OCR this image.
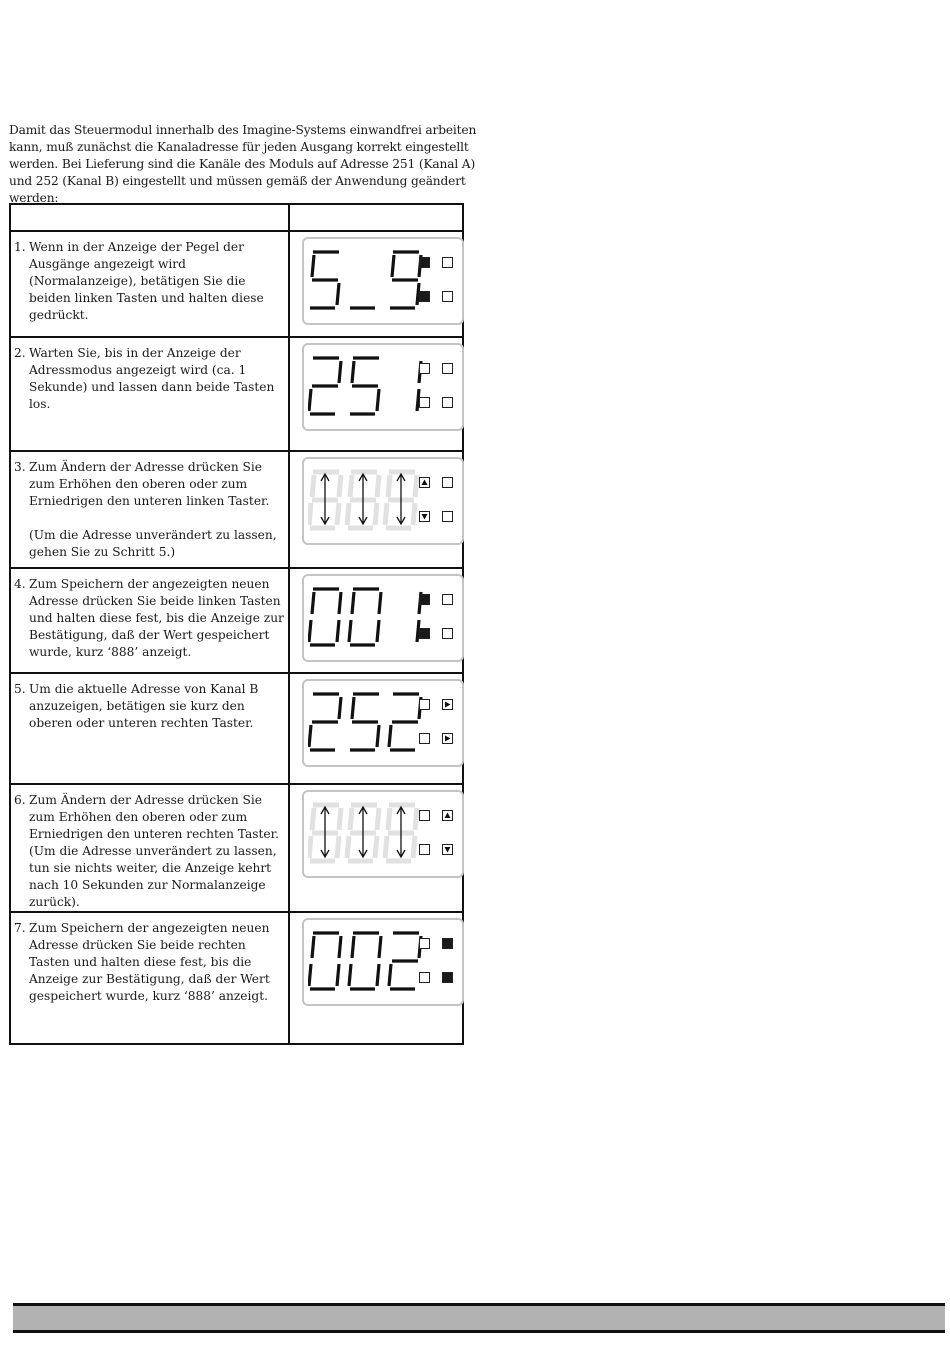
Damit das Steuermodul innerhalb des Imagine-Systems einwandfrei arbeiten kann, muß zunächst die Kanaladresse für jeden Ausgang korrekt eingestellt werden. Bei Lieferung sind die Kanäle des Moduls auf Adresse 251 (Kanal A) und 252 (Kanal B) eingestellt und müssen gemäß der Anwendung geändert werden:

1. Wenn in der Anzeige der Pegel der Ausgänge angezeigt wird (Normalanzeige), betätigen Sie die beiden linken Tasten und halten diese gedrückt.

2. Warten Sie, bis in der Anzeige der Adressmodus angezeigt wird (ca. 1 Sekunde) und lassen dann beide Tasten los.

3. Zum Ändern der Adresse drücken Sie zum Erhöhen den oberen oder zum Erniedrigen den unteren linken Taster.

(Um die Adresse unverändert zu lassen, gehen Sie zu Schritt 5.)

4. Zum Speichern der angezeigten neuen Adresse drücken Sie beide linken Tasten und halten diese fest, bis die Anzeige zur Bestätigung, daß der Wert gespeichert wurde, kurz ‘888’ anzeigt.

5. Um die aktuelle Adresse von Kanal B anzuzeigen, betätigen sie kurz den oberen oder unteren rechten Taster.

6. Zum Ändern der Adresse drücken Sie zum Erhöhen den oberen oder zum Erniedrigen den unteren rechten Taster. (Um die Adresse unverändert zu lassen, tun sie nichts weiter, die Anzeige kehrt nach 10 Sekunden zur Normalanzeige zurück).

7. Zum Speichern der angezeigten neuen Adresse drücken Sie beide rechten Tasten und halten diese fest, bis die Anzeige zur Bestätigung, daß der Wert gespeichert wurde, kurz ‘888’ anzeigt.
